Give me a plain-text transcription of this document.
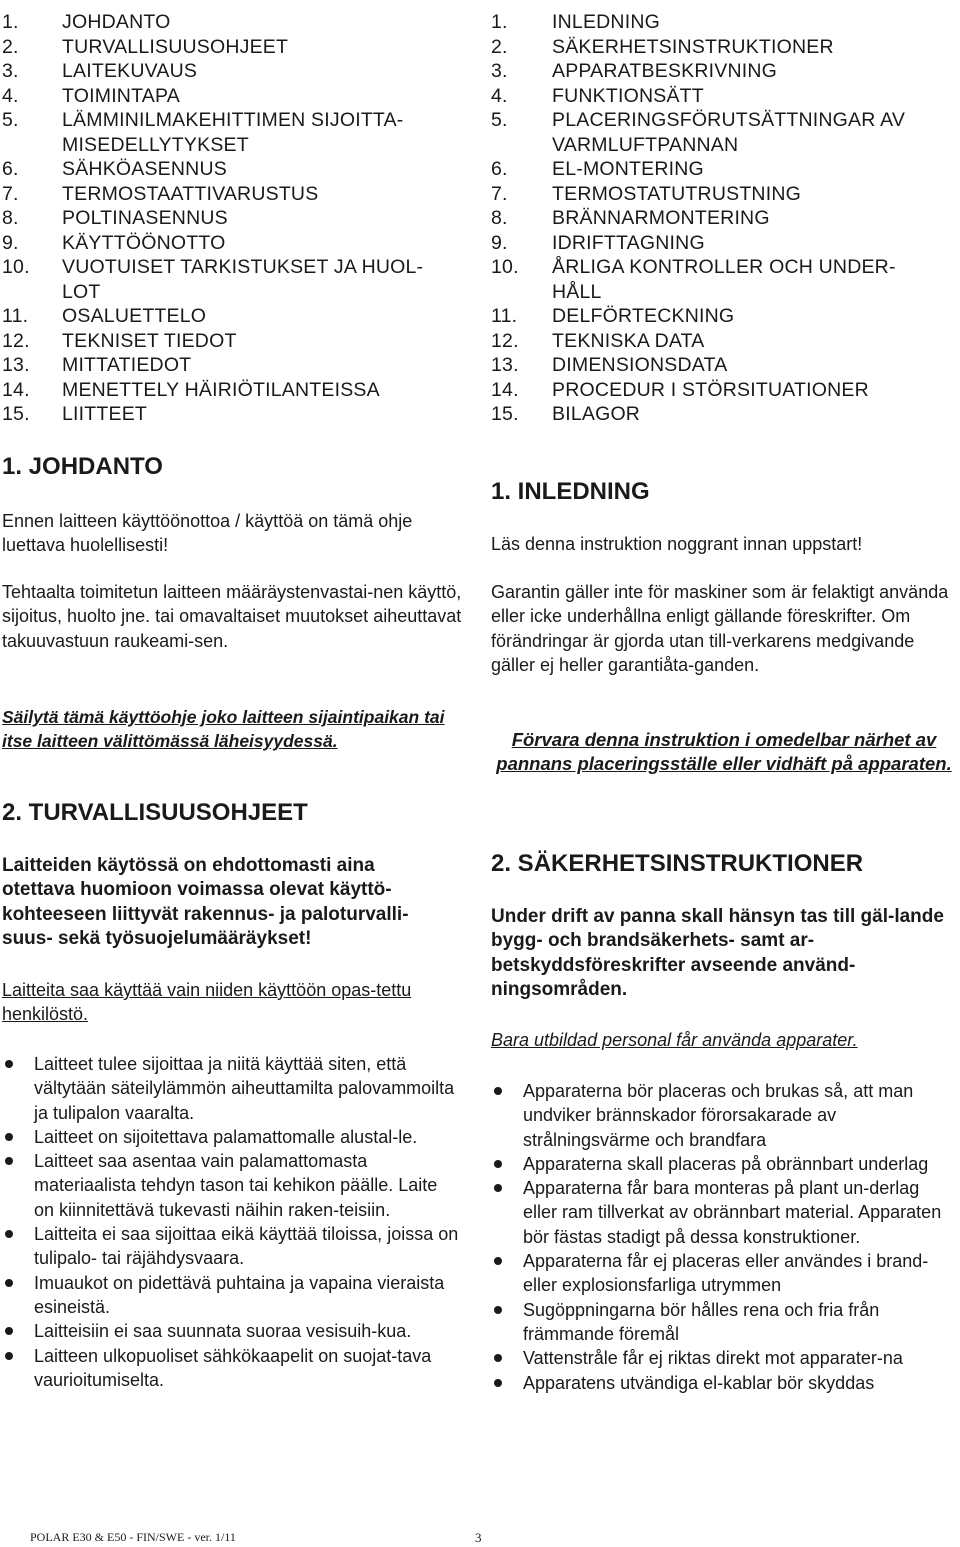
1.	JOHDANTO
2.	TURVALLISUUSOHJEET
3.	LAITEKUVAUS
4.	TOIMINTAPA
5.	LÄMMINILMAKEHITTIMEN SIJOITTA-
MISEDELLYTYKSET
6.	SÄHKÖASENNUS
7.	TERMOSTAATTIVARUSTUS
8.	POLTINASENNUS
9.	KÄYTTÖÖNOTTO
10.	VUOTUISET TARKISTUKSET JA HUOL-
LOT
11.	OSALUETTELO
12.	TEKNISET TIEDOT
13.	MITTATIEDOT
14.	MENETTELY HÄIRIÖTILANTEISSA
15.	LIITTEET
1. JOHDANTO
Ennen laitteen käyttöönottoa / käyttöä on tämä ohje luettava huolellisesti!
Tehtaalta toimitetun laitteen määräystenvastai-nen käyttö, sijoitus, huolto jne. tai omavaltaiset muutokset aiheuttavat takuuvastuun raukeami-sen.
Säilytä tämä käyttöohje joko laitteen sijaintipaikan tai itse laitteen välittömässä läheisyydessä.
2. TURVALLISUUSOHJEET
Laitteiden käytössä on ehdottomasti aina otettava huomioon voimassa olevat käyttö-kohteeseen liittyvät rakennus- ja paloturvalli-suus- sekä työsuojelumääräykset!
Laitteita saa käyttää vain niiden käyttöön opas-tettu henkilöstö.
Laitteet tulee sijoittaa ja niitä käyttää siten, että vältytään säteilylämmön aiheuttamilta palovammoilta ja tulipalon vaaralta.
Laitteet on sijoitettava palamattomalle alustal-le.
Laitteet saa asentaa vain palamattomasta materiaalista tehdyn tason tai kehikon päälle. Laite on kiinnitettävä tukevasti näihin raken-teisiin.
Laitteita ei saa sijoittaa eikä käyttää tiloissa, joissa on tulipalo- tai räjähdysvaara.
Imuaukot on pidettävä puhtaina ja vapaina vieraista esineistä.
Laitteisiin ei saa suunnata suoraa vesisuih-kua.
Laitteen ulkopuoliset sähkökaapelit on suojat-tava vaurioitumiselta.
1.	INLEDNING
2.	SÄKERHETSINSTRUKTIONER
3.	APPARATBESKRIVNING
4.	FUNKTIONSÄTT
5.	PLACERINGSFÖRUTSÄTTNINGAR AV
VARMLUFTPANNAN
6.	EL-MONTERING
7.	TERMOSTATUTRUSTNING
8.	BRÄNNARMONTERING
9.	IDRIFTTAGNING
10.	ÅRLIGA KONTROLLER OCH UNDER-
HÅLL
11.	DELFÖRTECKNING
12.	TEKNISKA DATA
13.	DIMENSIONSDATA
14.	PROCEDUR I STÖRSITUATIONER
15.	BILAGOR
1. INLEDNING
Läs denna instruktion noggrant innan uppstart!
Garantin gäller inte för maskiner som är felaktigt använda eller icke underhållna enligt gällande föreskrifter. Om förändringar är gjorda utan till-verkarens medgivande gäller ej heller garantiåta-ganden.
Förvara denna instruktion i omedelbar närhet av pannans placeringsställe eller vidhäft på apparaten.
2. SÄKERHETSINSTRUKTIONER
Under drift av panna skall hänsyn tas till gäl-lande bygg- och brandsäkerhets- samt ar-betskyddsföreskrifter avseende använd-ningsområden.
Bara utbildad personal får använda apparater.
Apparaterna bör placeras och brukas så, att man undviker brännskador förorsakarade av strålningsvärme och brandfara
Apparaterna skall placeras på obrännbart underlag
Apparaterna får bara monteras på plant un-derlag eller ram tillverkat av obrännbart material. Apparaten bör fästas stadigt på dessa konstruktioner.
Apparaterna får ej placeras eller användes i brand- eller explosionsfarliga utrymmen
Sugöppningarna bör hålles rena och fria från främmande föremål
Vattenstråle får ej riktas direkt mot apparater-na
Apparatens utvändiga el-kablar bör skyddas
POLAR E30 & E50 - FIN/SWE - ver. 1/11	3
